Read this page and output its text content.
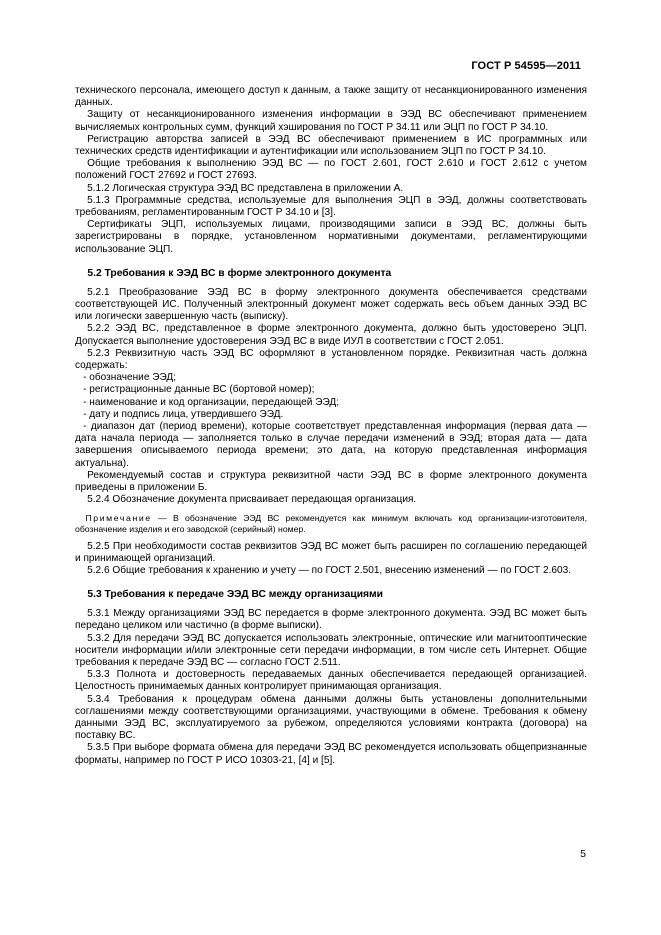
ГОСТ Р 54595—2011

технического персонала, имеющего доступ к данным, а также защиту от несанкционированного изменения данных.

Защиту от несанкционированного изменения информации в ЭЭД ВС обеспечивают применением вычисляемых контрольных сумм, функций хэширования по ГОСТ Р 34.11 или ЭЦП по ГОСТ Р 34.10.

Регистрацию авторства записей в ЭЭД ВС обеспечивают применением в ИС программных или технических средств идентификации и аутентификации или использованием ЭЦП по ГОСТ Р 34.10.

Общие требования к выполнению ЭЭД ВС — по ГОСТ 2.601, ГОСТ 2.610 и ГОСТ 2.612 с учетом положений ГОСТ 27692 и ГОСТ 27693.

5.1.2 Логическая структура ЭЭД ВС представлена в приложении А.

5.1.3 Программные средства, используемые для выполнения ЭЦП в ЭЭД, должны соответствовать требованиям, регламентированным ГОСТ Р 34.10 и [3].

Сертификаты ЭЦП, используемых лицами, производящими записи в ЭЭД ВС, должны быть зарегистрированы в порядке, установленном нормативными документами, регламентирующими использование ЭЦП.

5.2 Требования к ЭЭД ВС в форме электронного документа

5.2.1 Преобразование ЭЭД ВС в форму электронного документа обеспечивается средствами соответствующей ИС. Полученный электронный документ может содержать весь объем данных ЭЭД ВС или логически завершенную часть (выписку).

5.2.2 ЭЭД ВС, представленное в форме электронного документа, должно быть удостоверено ЭЦП. Допускается выполнение удостоверения ЭЭД ВС в виде ИУЛ в соответствии с ГОСТ 2.051.

5.2.3 Реквизитную часть ЭЭД ВС оформляют в установленном порядке. Реквизитная часть должна содержать:

- обозначение ЭЭД;
- регистрационные данные ВС (бортовой номер);
- наименование и код организации, передающей ЭЭД;
- дату и подпись лица, утвердившего ЭЭД.
- диапазон дат (период времени), которые соответствует представленная информация (первая дата — дата начала периода — заполняется только в случае передачи изменений в ЭЭД; вторая дата — дата завершения описываемого периода времени; это дата, на которую представленная информация актуальна).

Рекомендуемый состав и структура реквизитной части ЭЭД ВС в форме электронного документа приведены в приложении Б.

5.2.4 Обозначение документа присваивает передающая организация.

Примечание — В обозначение ЭЭД ВС рекомендуется как минимум включать код организации-изготовителя, обозначение изделия и его заводской (серийный) номер.

5.2.5 При необходимости состав реквизитов ЭЭД ВС может быть расширен по соглашению передающей и принимающей организаций.

5.2.6 Общие требования к хранению и учету — по ГОСТ 2.501, внесению изменений — по ГОСТ 2.603.

5.3 Требования к передаче ЭЭД ВС между организациями

5.3.1 Между организациями ЭЭД ВС передается в форме электронного документа. ЭЭД ВС может быть передано целиком или частично (в форме выписки).

5.3.2 Для передачи ЭЭД ВС допускается использовать электронные, оптические или магнитооптические носители информации и/или электронные сети передачи информации, в том числе сеть Интернет. Общие требования к передаче ЭЭД ВС — согласно ГОСТ 2.511.

5.3.3 Полнота и достоверность передаваемых данных обеспечивается передающей организацией. Целостность принимаемых данных контролирует принимающая организация.

5.3.4 Требования к процедурам обмена данными должны быть установлены дополнительными соглашениями между соответствующими организациями, участвующими в обмене. Требования к обмену данными ЭЭД ВС, эксплуатируемого за рубежом, определяются условиями контракта (договора) на поставку ВС.

5.3.5 При выборе формата обмена для передачи ЭЭД ВС рекомендуется использовать общепризнанные форматы, например по ГОСТ Р ИСО 10303-21, [4] и [5].

5
